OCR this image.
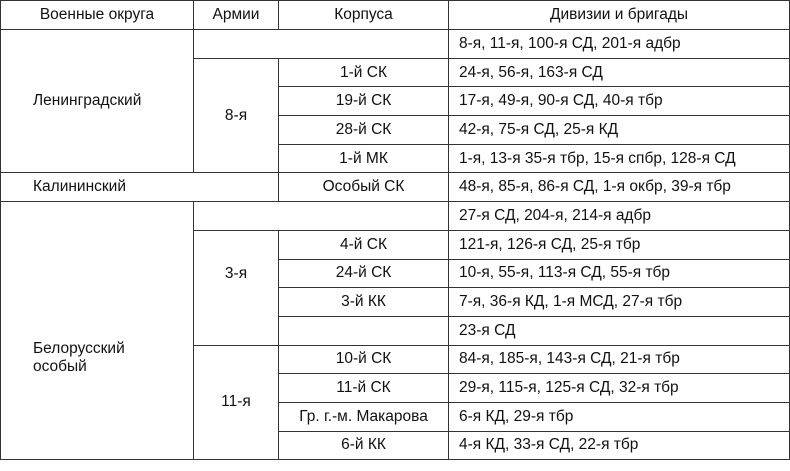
Военные округа	Армии	Корпуса	Дивизии и бригады
Ленинградский			8-я, 11-я, 100-я СД, 201-я адбр
	8-я	1-й СК	24-я, 56-я, 163-я СД
		19-й СК	17-я, 49-я, 90-я СД, 40-я тбр
		28-й СК	42-я, 75-я СД, 25-я КД
		1-й МК	1-я, 13-я 35-я тбр, 15-я спбр, 128-я СД
Калининский		Особый СК	48-я, 85-я, 86-я СД, 1-я окбр, 39-я тбр
Белорусский особый			27-я СД, 204-я, 214-я адбр
	3-я	4-й СК	121-я, 126-я СД, 25-я тбр
		24-й СК	10-я, 55-я, 113-я СД, 55-я тбр
		3-й КК	7-я, 36-я КД, 1-я МСД, 27-я тбр
			23-я СД
	11-я	10-й СК	84-я, 185-я, 143-я СД, 21-я тбр
		11-й СК	29-я, 115-я, 125-я СД, 32-я тбр
		Гр. г.-м. Макарова	6-я КД, 29-я тбр
		6-й КК	4-я КД, 33-я СД, 22-я тбр
